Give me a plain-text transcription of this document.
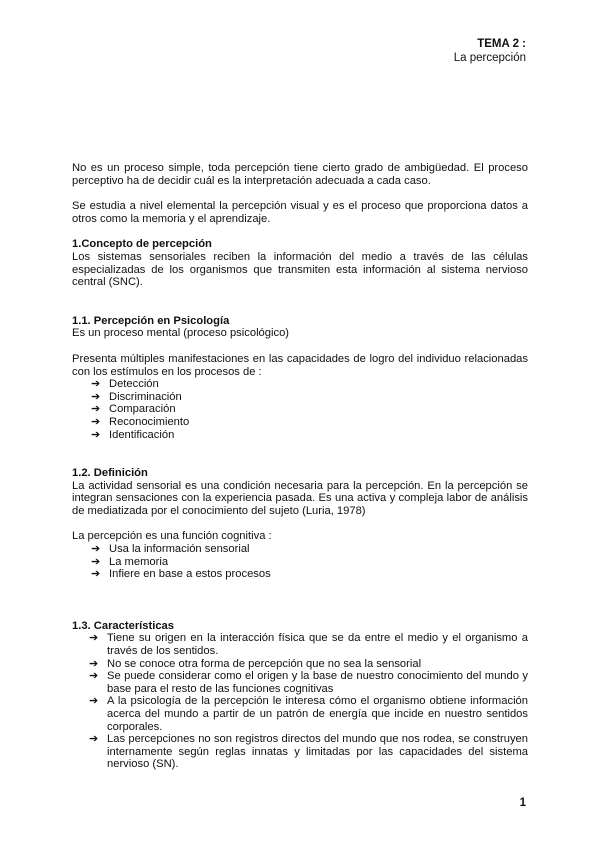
TEMA 2 :
La percepción

No es un proceso simple, toda percepción tiene cierto grado de ambigüedad. El proceso perceptivo ha de decidir cuál es la interpretación adecuada a cada caso.

Se estudia a nivel elemental la percepción visual y es el proceso que proporciona datos a otros como la memoria y el aprendizaje.

1.Concepto de percepción

Los sistemas sensoriales reciben la información del medio a través de las células especializadas de los organismos que transmiten esta información al sistema nervioso central (SNC).

1.1. Percepción en Psicología

Es un proceso mental (proceso psicológico)

Presenta múltiples manifestaciones en las capacidades de logro del individuo relacionadas con los estímulos en los procesos de :

➔ Detección
➔ Discriminación
➔ Comparación
➔ Reconocimiento
➔ Identificación
1.2. Definición

La actividad sensorial es una condición necesaria para la percepción. En la percepción se integran sensaciones con la experiencia pasada. Es una activa y compleja labor de análisis de mediatizada por el conocimiento del sujeto (Luria, 1978)

La percepción es una función cognitiva :

➔ Usa la información sensorial
➔ La memoria
➔ Infiere en base a estos procesos
1.3. Características
➔ Tiene su origen en la interacción física que se da entre el medio y el organismo a través de los sentidos.
➔ No se conoce otra forma de percepción que no sea la sensorial
➔ Se puede considerar como el origen y la base de nuestro conocimiento del mundo y base para el resto de las funciones cognitivas
➔ A la psicología de la percepción le interesa cómo el organismo obtiene información acerca del mundo a partir de un patrón de energía que incide en nuestro sentidos corporales.
➔ Las percepciones no son registros directos del mundo que nos rodea, se construyen internamente según reglas innatas y limitadas por las capacidades del sistema nervioso (SN).
1
